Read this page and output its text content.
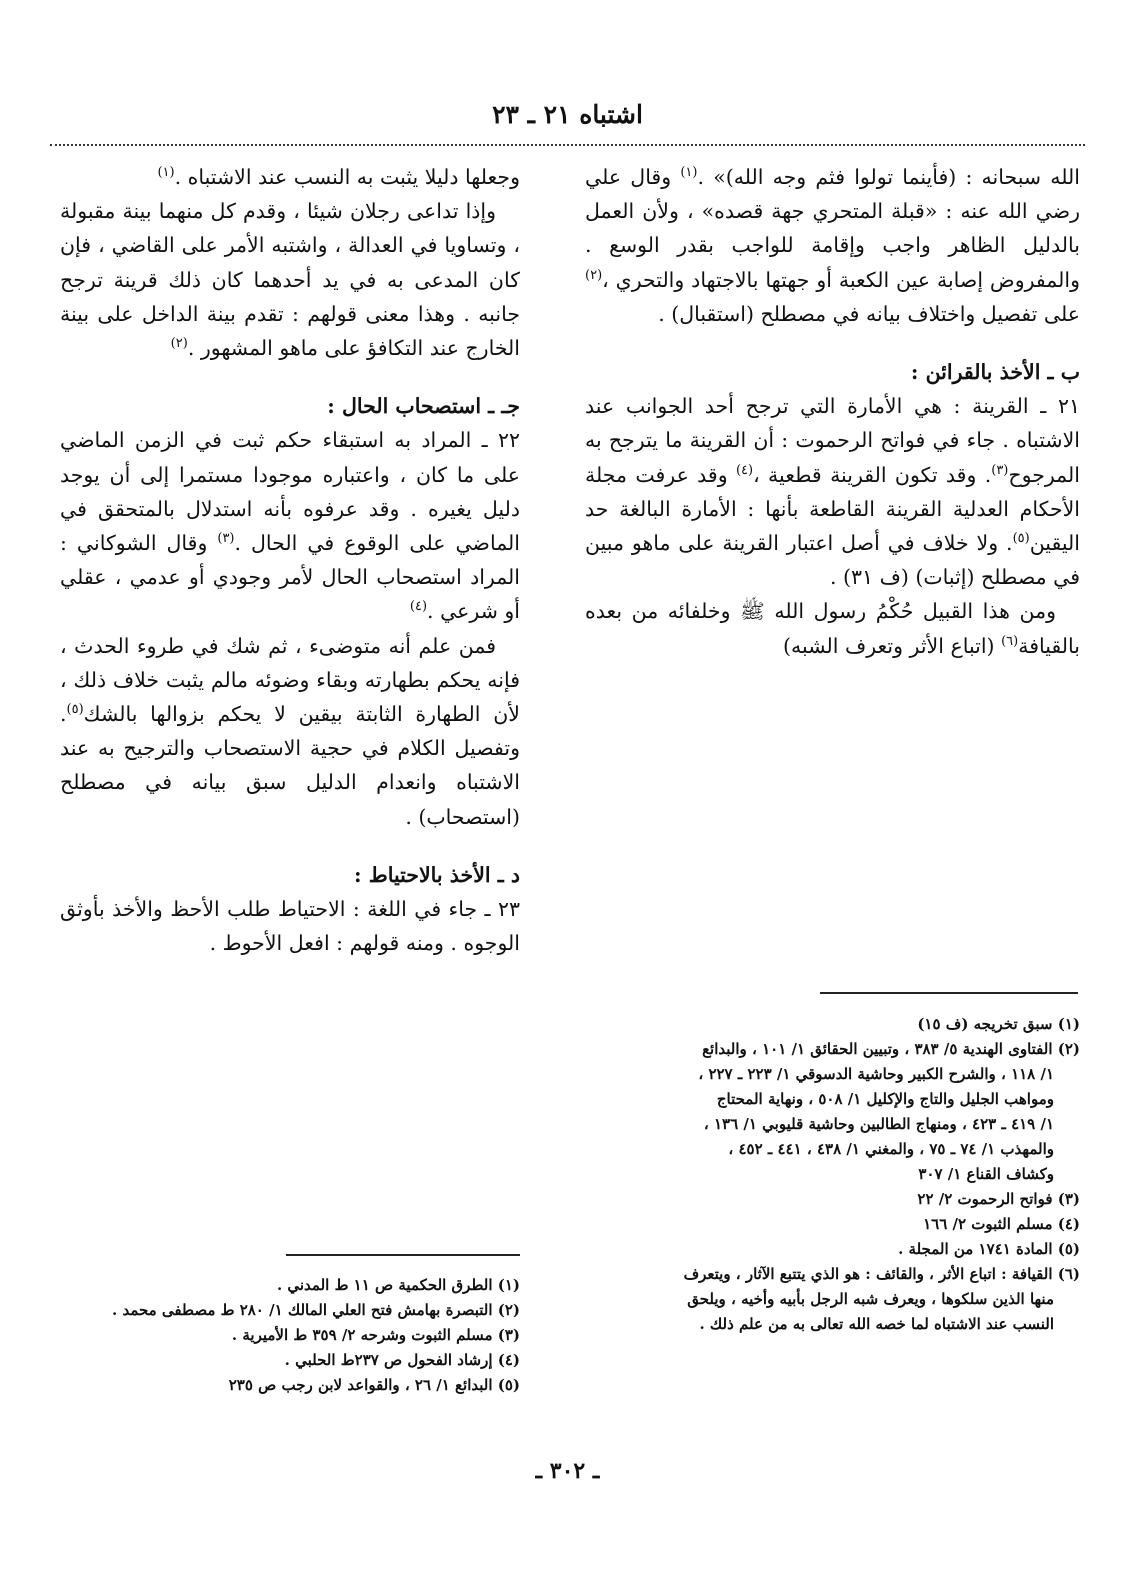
اشتباه ٢١ ـ ٢٣

الله سبحانه : (فأينما تولوا فثم وجه الله)» .$^{(١)}$ وقال علي رضي الله عنه : «قبلة المتحري جهة قصده» ، ولأن العمل بالدليل الظاهر واجب وإقامة للواجب بقدر الوسع . والمفروض إصابة عين الكعبة أو جهتها بالاجتهاد والتحري ،$^{(٢)}$ على تفصيل واختلاف بيانه في مصطلح (استقبال) .

ب ـ الأخذ بالقرائن :

٢١ ـ القرينة : هي الأمارة التي ترجح أحد الجوانب عند الاشتباه . جاء في فواتح الرحموت : أن القرينة ما يترجح به المرجوح$^{(٣)}$. وقد تكون القرينة قطعية ،$^{(٤)}$ وقد عرفت مجلة الأحكام العدلية القرينة القاطعة بأنها : الأمارة البالغة حد اليقين$^{(٥)}$. ولا خلاف في أصل اعتبار القرينة على ماهو مبين في مصطلح (إثبات) (ف ٣١) .

ومن هذا القبيل حُكْمُ رسول الله ﷺ وخلفائه من بعده بالقيافة$^{(٦)}$ (اتباع الأثر وتعرف الشبه)

(١) سبق تخريجه (ف ١٥)
(٢) الفتاوى الهندية ٥/ ٣٨٣ ، وتبيين الحقائق ١/ ١٠١ ، والبدائع
١/ ١١٨ ، والشرح الكبير وحاشية الدسوقي ١/ ٢٢٣ ـ ٢٢٧ ،
ومواهب الجليل والتاج والإكليل ١/ ٥٠٨ ، ونهاية المحتاج
١/ ٤١٩ ـ ٤٢٣ ، ومنهاج الطالبين وحاشية قليوبي ١/ ١٣٦ ،
والمهذب ١/ ٧٤ ـ ٧٥ ، والمغني ١/ ٤٣٨ ، ٤٤١ ـ ٤٥٢ ،
وكشاف القناع ١/ ٣٠٧
(٣) فواتح الرحموت ٢/ ٢٢
(٤) مسلم الثبوت ٢/ ١٦٦
(٥) المادة ١٧٤١ من المجلة .
(٦) القيافة : اتباع الأثر ، والقائف : هو الذي يتتبع الآثار ، ويتعرف
منها الذين سلكوها ، ويعرف شبه الرجل بأبيه وأخيه ، ويلحق
النسب عند الاشتباه لما خصه الله تعالى به من علم ذلك .

وجعلها دليلا يثبت به النسب عند الاشتباه .$^{(١)}$

وإذا تداعى رجلان شيئا ، وقدم كل منهما بينة مقبولة ، وتساويا في العدالة ، واشتبه الأمر على القاضي ، فإن كان المدعى به في يد أحدهما كان ذلك قرينة ترجح جانبه . وهذا معنى قولهم : تقدم بينة الداخل على بينة الخارج عند التكافؤ على ماهو المشهور .$^{(٢)}$

جـ ـ استصحاب الحال :

٢٢ ـ المراد به استبقاء حكم ثبت في الزمن الماضي على ما كان ، واعتباره موجودا مستمرا إلى أن يوجد دليل يغيره . وقد عرفوه بأنه استدلال بالمتحقق في الماضي على الوقوع في الحال .$^{(٣)}$ وقال الشوكاني : المراد استصحاب الحال لأمر وجودي أو عدمي ، عقلي أو شرعي .$^{(٤)}$

فمن علم أنه متوضىء ، ثم شك في طروء الحدث ، فإنه يحكم بطهارته وبقاء وضوئه مالم يثبت خلاف ذلك ، لأن الطهارة الثابتة بيقين لا يحكم بزوالها بالشك$^{(٥)}$. وتفصيل الكلام في حجية الاستصحاب والترجيح به عند الاشتباه وانعدام الدليل سبق بيانه في مصطلح (استصحاب) .

د ـ الأخذ بالاحتياط :

٢٣ ـ جاء في اللغة : الاحتياط طلب الأحظ والأخذ بأوثق الوجوه . ومنه قولهم : افعل الأحوط .

(١) الطرق الحكمية ص ١١ ط المدني .
(٢) التبصرة بهامش فتح العلي المالك ١/ ٢٨٠ ط مصطفى محمد .
(٣) مسلم الثبوت وشرحه ٢/ ٣٥٩ ط الأميرية .
(٤) إرشاد الفحول ص ٢٣٧ط الحلبي .
(٥) البدائع ١/ ٢٦ ، والقواعد لابن رجب ص ٢٣٥
ـ ٣٠٢ ـ
